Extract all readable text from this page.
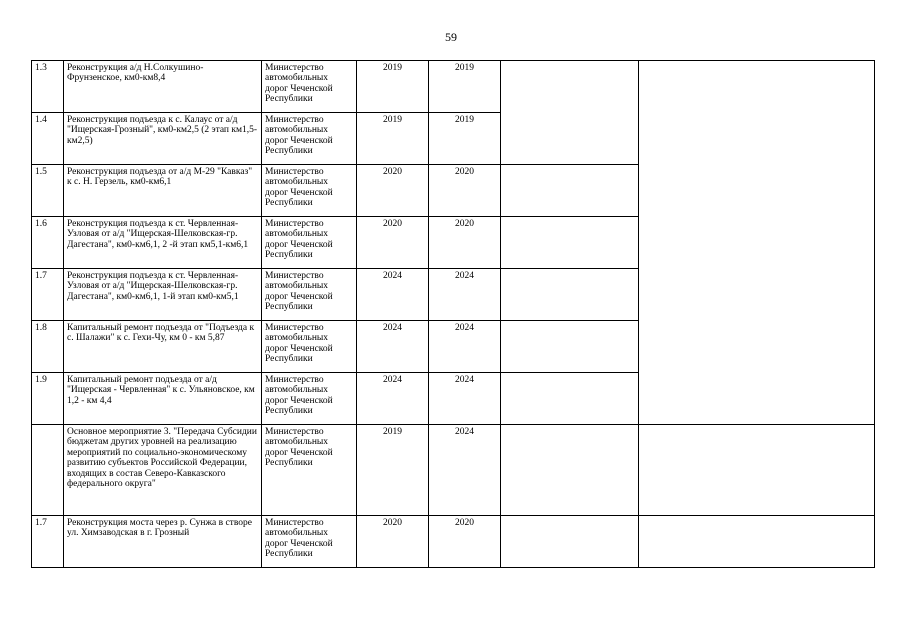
59
1.3	Реконструкция а/д Н.Солкушино-Фрунзенское, км0-км8,4	Министерство автомобильных дорог Чеченской Республики	2019	2019		
1.4	Реконструкция подъезда к с. Калаус от а/д "Ищерская-Грозный", км0-км2,5 (2 этап км1,5-км2,5)	Министерство автомобильных дорог Чеченской Республики	2019	2019		
1.5	Реконструкция подъезда от а/д М-29 "Кавказ" к с. Н. Герзель, км0-км6,1	Министерство автомобильных дорог Чеченской Республики	2020	2020		
1.6	Реконструкция подъезда к ст. Червленная-Узловая от а/д "Ищерская-Шелковская-гр. Дагестана", км0-км6,1, 2 -й этап км5,1-км6,1	Министерство автомобильных дорог Чеченской Республики	2020	2020		
1.7	Реконструкция подъезда к ст. Червленная-Узловая от а/д "Ищерская-Шелковская-гр. Дагестана", км0-км6,1, 1-й этап км0-км5,1	Министерство автомобильных дорог Чеченской Республики	2024	2024		
1.8	Капитальный ремонт подъезда от "Подъезда к с. Шалажи" к с. Гехи-Чу, км 0 - км 5,87	Министерство автомобильных дорог Чеченской Республики	2024	2024		
1.9	Капитальный ремонт подъезда от а/д "Ищерская - Червленная" к с. Ульяновское, км 1,2 - км 4,4	Министерство автомобильных дорог Чеченской Республики	2024	2024		
	Основное мероприятие 3. "Передача Субсидии бюджетам других уровней на реализацию мероприятий по социально-экономическому развитию субъектов Российской Федерации, входящих в состав Северо-Кавказского федерального округа"	Министерство автомобильных дорог Чеченской Республики	2019	2024		
1.7	Реконструкция моста через р. Сунжа в створе ул. Химзаводская в г. Грозный	Министерство автомобильных дорог Чеченской Республики	2020	2020		
